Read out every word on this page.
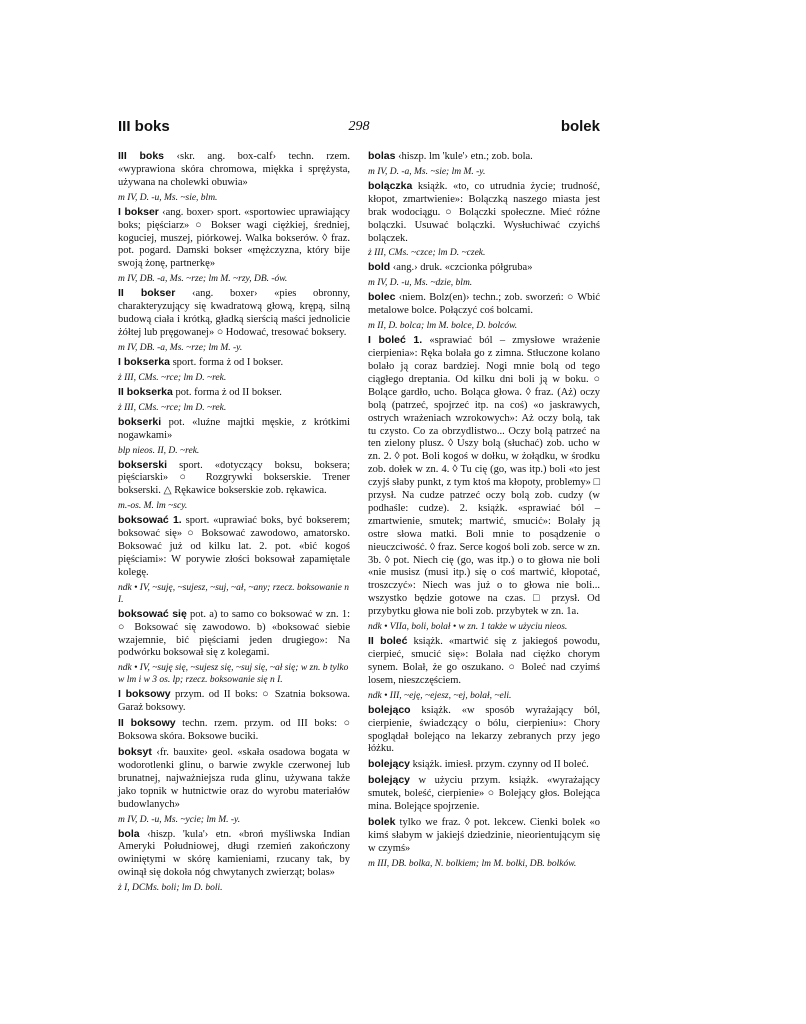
III boks	298	bolek

III boks ‹skr. ang. box-calf› techn. rzem. «wyprawiona skóra chromowa, miękka i sprężysta, używana na cholewki obuwia»

m IV, D. -u, Ms. ~sie, blm.

I bokser ‹ang. boxer› sport. «sportowiec uprawiający boks; pięściarz» ○ Bokser wagi ciężkiej, średniej, koguciej, muszej, piórkowej. Walka bokserów. ◊ fraz. pot. pogard. Damski bokser «mężczyzna, który bije swoją żonę, partnerkę»

m IV, DB. -a, Ms. ~rze; lm M. ~rzy, DB. -ów.

II bokser ‹ang. boxer› «pies obronny, charakteryzujący się kwadratową głową, krępą, silną budową ciała i krótką, gładką sierścią maści jednolicie żółtej lub pręgowanej» ○ Hodować, tresować boksery.

m IV, DB. -a, Ms. ~rze; lm M. -y.

I bokserka sport. forma ż od I bokser.

ż III, CMs. ~rce; lm D. ~rek.

II bokserka pot. forma ż od II bokser.

ż III, CMs. ~rce; lm D. ~rek.

bokserki pot. «luźne majtki męskie, z krótkimi nogawkami»

blp nieos. II, D. ~rek.

bokserski sport. «dotyczący boksu, boksera; pięściarski» ○ Rozgrywki bokserskie. Trener bokserski. △ Rękawice bokserskie zob. rękawica.

m.-os. M. lm ~scy.

boksować 1. sport. «uprawiać boks, być bokserem; boksować się» ○ Boksować zawodowo, amatorsko. Boksować już od kilku lat. 2. pot. «bić kogoś pięściami»: W porywie złości boksował zapamiętale kolegę.

ndk • IV, ~suję, ~sujesz, ~suj, ~ał, ~any; rzecz. boksowanie n I.

boksować się pot. a) to samo co boksować w zn. 1: ○ Boksować się zawodowo. b) «boksować siebie wzajemnie, bić pięściami jeden drugiego»: Na podwórku boksował się z kolegami.

ndk • IV, ~suję się, ~sujesz się, ~suj się, ~ał się; w zn. b tylko w lm i w 3 os. lp; rzecz. boksowanie się n I.

I boksowy przym. od II boks: ○ Szatnia boksowa. Garaż boksowy.

II boksowy techn. rzem. przym. od III boks: ○ Boksowa skóra. Boksowe buciki.

boksyt ‹fr. bauxite› geol. «skała osadowa bogata w wodorotlenki glinu, o barwie zwykle czerwonej lub brunatnej, najważniejsza ruda glinu, używana także jako topnik w hutnictwie oraz do wyrobu materiałów budowlanych»

m IV, D. -u, Ms. ~ycie; lm M. -y.

bola ‹hiszp. 'kula'› etn. «broń myśliwska Indian Ameryki Południowej, długi rzemień zakończony owiniętymi w skórę kamieniami, rzucany tak, by owinął się dokoła nóg chwytanych zwierząt; bolas»

ż I, DCMs. boli; lm D. boli.

bolas ‹hiszp. lm 'kule'› etn.; zob. bola.

m IV, D. -a, Ms. ~sie; lm M. -y.

bolączka książk. «to, co utrudnia życie; trudność, kłopot, zmartwienie»: Bolączką naszego miasta jest brak wodociągu. ○ Bolączki społeczne. Mieć różne bolączki. Usuwać bolączki. Wysłuchiwać czyichś bolączek.

ż III, CMs. ~czce; lm D. ~czek.

bold ‹ang.› druk. «czcionka półgruba»

m IV, D. -u, Ms. ~dzie, blm.

bolec ‹niem. Bolz(en)› techn.; zob. sworzeń: ○ Wbić metalowe bolce. Połączyć coś bolcami.

m II, D. bolca; lm M. bolce, D. bolców.

I boleć 1. «sprawiać ból – zmysłowe wrażenie cierpienia»: Ręka bolała go z zimna. Stłuczone kolano bolało ją coraz bardziej. Nogi mnie bolą od tego ciągłego dreptania. Od kilku dni boli ją w boku. ○ Bolące gardło, ucho. Boląca głowa. ◊ fraz. (Aż) oczy bolą (patrzeć, spojrzeć itp. na coś) «o jaskrawych, ostrych wrażeniach wzrokowych»: Aż oczy bolą, tak tu czysto. Co za obrzydlistwo... Oczy bolą patrzeć na ten zielony plusz. ◊ Uszy bolą (słuchać) zob. ucho w zn. 2. ◊ pot. Boli kogoś w dołku, w żołądku, w środku zob. dołek w zn. 4. ◊ Tu cię (go, was itp.) boli «to jest czyjś słaby punkt, z tym ktoś ma kłopoty, problemy» □ przysł. Na cudze patrzeć oczy bolą zob. cudzy (w podhaśle: cudze). 2. książk. «sprawiać ból – zmartwienie, smutek; martwić, smucić»: Bolały ją ostre słowa matki. Boli mnie to posądzenie o nieuczciwość. ◊ fraz. Serce kogoś boli zob. serce w zn. 3b. ◊ pot. Niech cię (go, was itp.) o to głowa nie boli «nie musisz (musi itp.) się o coś martwić, kłopotać, troszczyć»: Niech was już o to głowa nie boli... wszystko będzie gotowe na czas. □ przysł. Od przybytku głowa nie boli zob. przybytek w zn. 1a.

ndk • VIIa, boli, bolał • w zn. 1 także w użyciu nieos.

II boleć książk. «martwić się z jakiegoś powodu, cierpieć, smucić się»: Bolała nad ciężko chorym synem. Bolał, że go oszukano. ○ Boleć nad czyimś losem, nieszczęściem.

ndk • III, ~eję, ~ejesz, ~ej, bolał, ~eli.

bolejąco książk. «w sposób wyrażający ból, cierpienie, świadczący o bólu, cierpieniu»: Chory spoglądał bolejąco na lekarzy zebranych przy jego łóżku.

bolejący książk. imiesł. przym. czynny od II boleć.

bolejący w użyciu przym. książk. «wyrażający smutek, boleść, cierpienie» ○ Bolejący głos. Bolejąca mina. Bolejące spojrzenie.

bolek tylko we fraz. ◊ pot. lekcew. Cienki bolek «o kimś słabym w jakiejś dziedzinie, nieorientującym się w czymś»

m III, DB. bolka, N. bolkiem; lm M. bolki, DB. bolków.
